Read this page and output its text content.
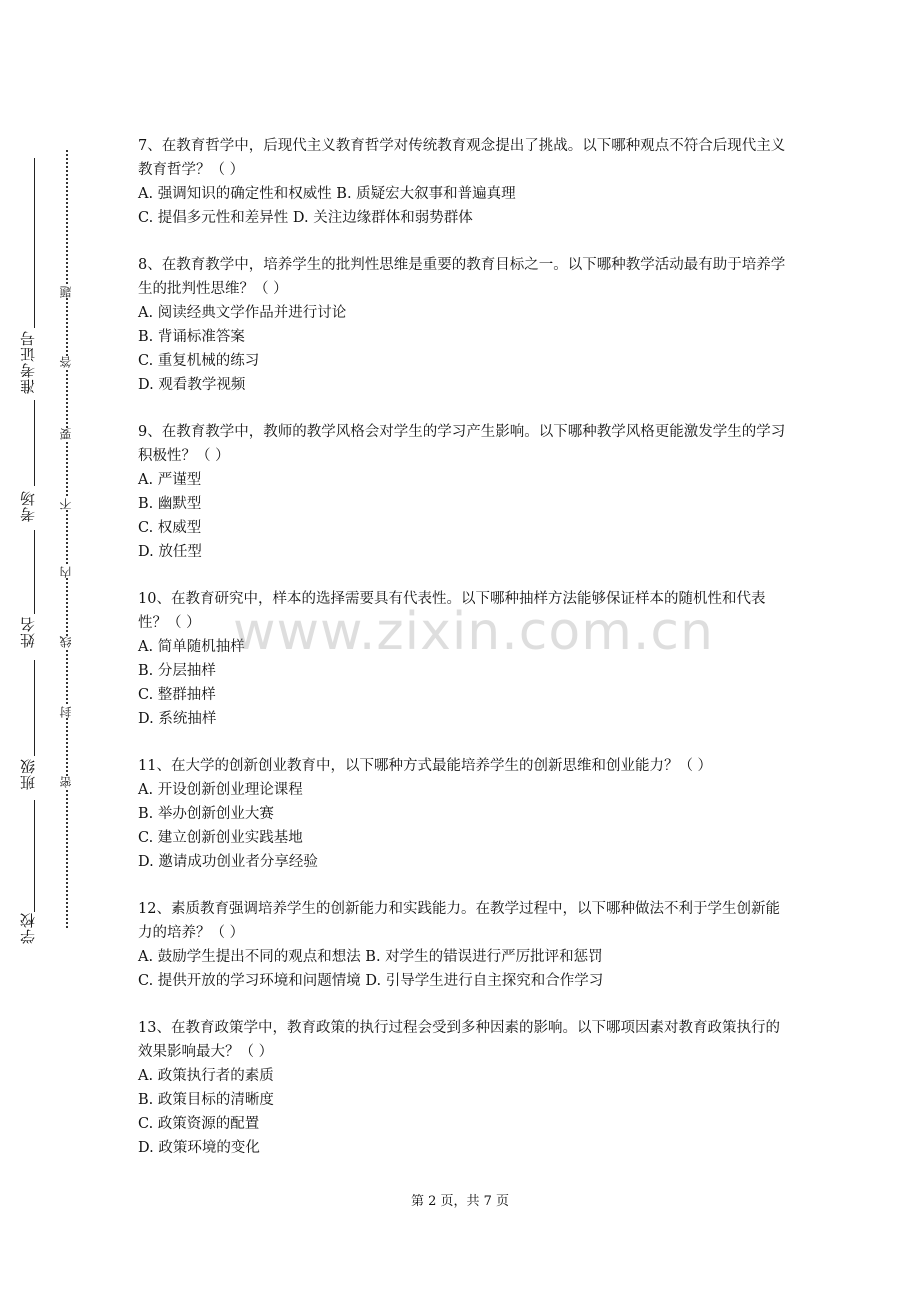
准考证号
考场
姓名
班级
学校
题
答
要
不
内
线
封
密

7、在教育哲学中，后现代主义教育哲学对传统教育观念提出了挑战。以下哪种观点不符合后现代主义教育哲学？（ ）

A. 强调知识的确定性和权威性 B. 质疑宏大叙事和普遍真理

C. 提倡多元性和差异性 D. 关注边缘群体和弱势群体

8、在教育教学中，培养学生的批判性思维是重要的教育目标之一。以下哪种教学活动最有助于培养学生的批判性思维？（ ）

A. 阅读经典文学作品并进行讨论

B. 背诵标准答案

C. 重复机械的练习

D. 观看教学视频

9、在教育教学中，教师的教学风格会对学生的学习产生影响。以下哪种教学风格更能激发学生的学习积极性？（ ）

A. 严谨型

B. 幽默型

C. 权威型

D. 放任型

10、在教育研究中，样本的选择需要具有代表性。以下哪种抽样方法能够保证样本的随机性和代表性？（ ）

A. 简单随机抽样

B. 分层抽样

C. 整群抽样

D. 系统抽样

11、在大学的创新创业教育中，以下哪种方式最能培养学生的创新思维和创业能力？（ ）

A. 开设创新创业理论课程

B. 举办创新创业大赛

C. 建立创新创业实践基地

D. 邀请成功创业者分享经验

12、素质教育强调培养学生的创新能力和实践能力。在教学过程中，以下哪种做法不利于学生创新能力的培养？（ ）

A. 鼓励学生提出不同的观点和想法 B. 对学生的错误进行严厉批评和惩罚

C. 提供开放的学习环境和问题情境 D. 引导学生进行自主探究和合作学习

13、在教育政策学中，教育政策的执行过程会受到多种因素的影响。以下哪项因素对教育政策执行的效果影响最大？（ ）

A. 政策执行者的素质

B. 政策目标的清晰度

C. 政策资源的配置

D. 政策环境的变化

www.zixin.com.cn
第 2 页，共 7 页
